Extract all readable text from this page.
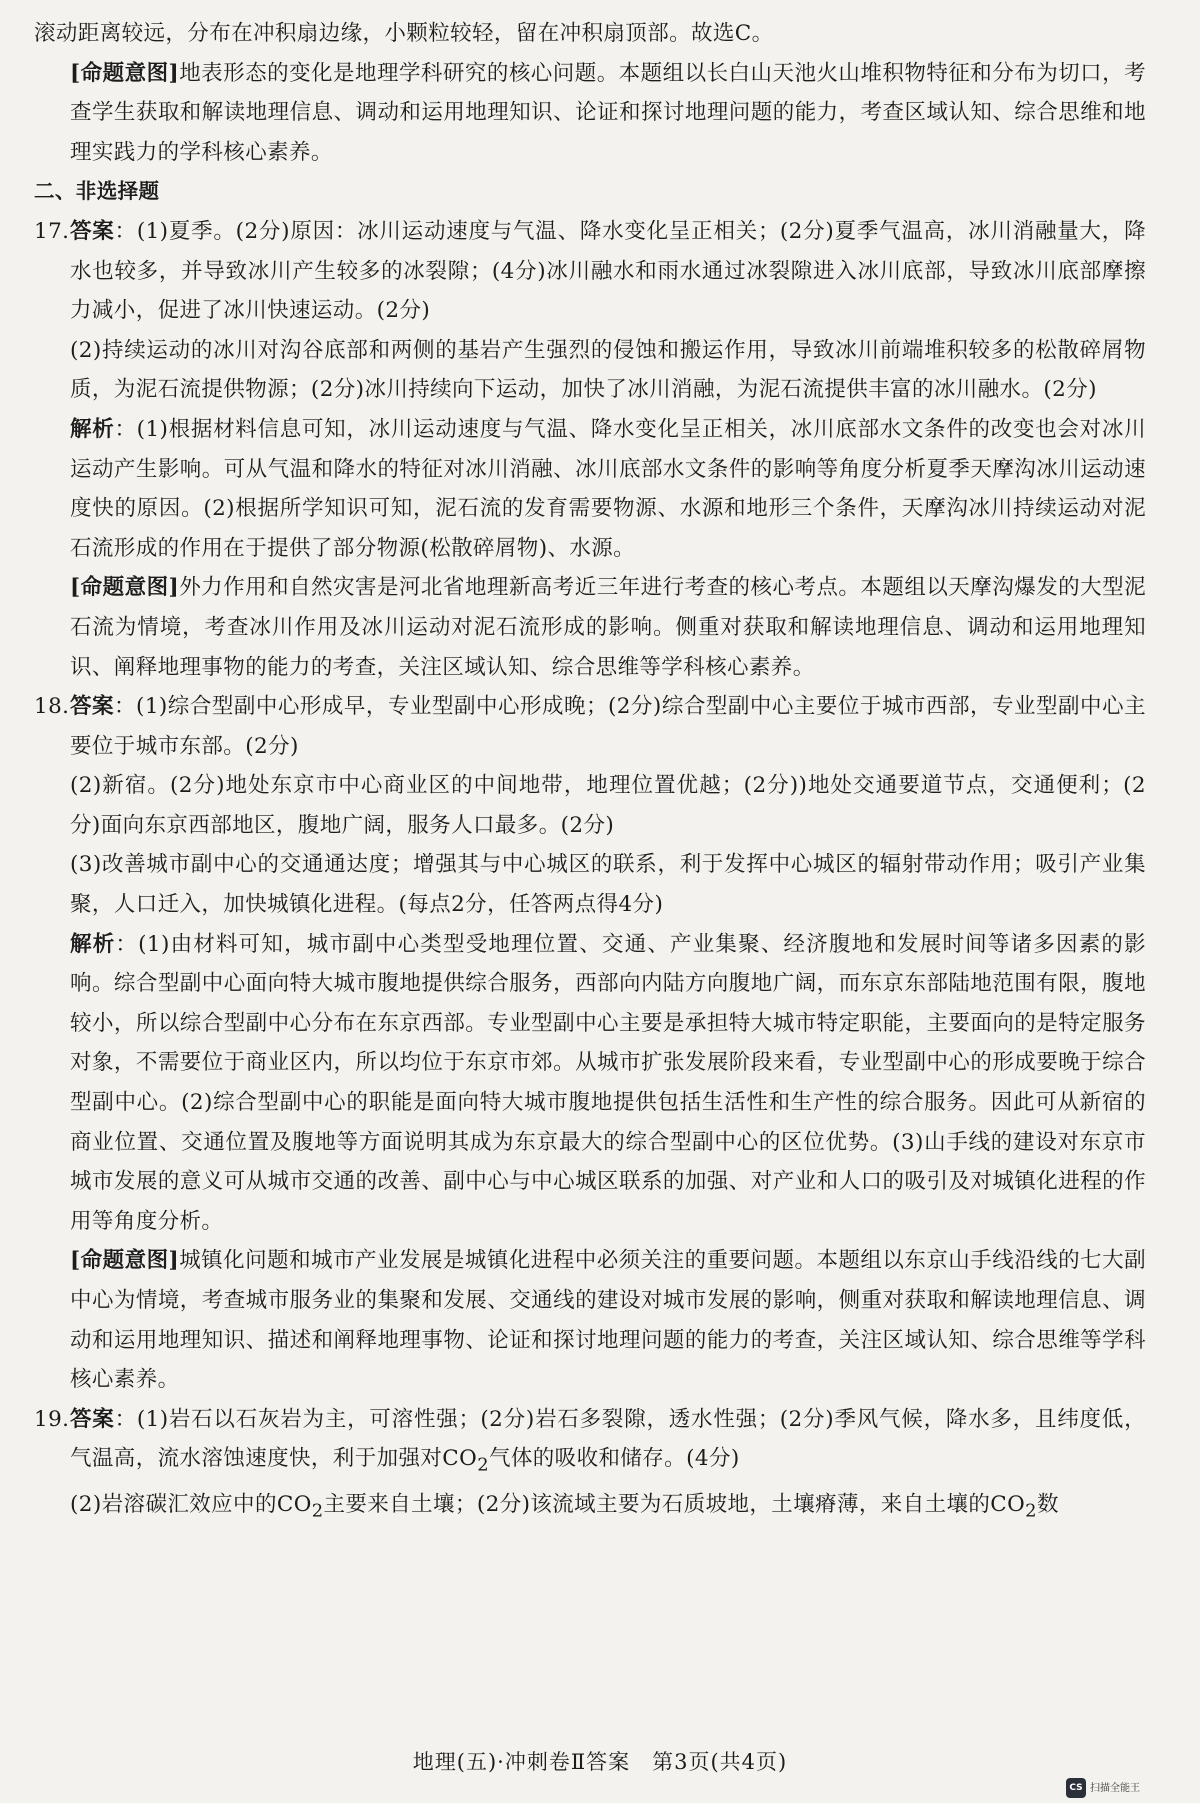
滚动距离较远，分布在冲积扇边缘，小颗粒较轻，留在冲积扇顶部。故选C。

[命题意图]地表形态的变化是地理学科研究的核心问题。本题组以长白山天池火山堆积物特征和分布为切口，考查学生获取和解读地理信息、调动和运用地理知识、论证和探讨地理问题的能力，考查区域认知、综合思维和地理实践力的学科核心素养。

二、非选择题

17. 答案：(1)夏季。(2分)原因：冰川运动速度与气温、降水变化呈正相关；(2分)夏季气温高，冰川消融量大，降水也较多，并导致冰川产生较多的冰裂隙；(4分)冰川融水和雨水通过冰裂隙进入冰川底部，导致冰川底部摩擦力减小，促进了冰川快速运动。(2分)

(2)持续运动的冰川对沟谷底部和两侧的基岩产生强烈的侵蚀和搬运作用，导致冰川前端堆积较多的松散碎屑物质，为泥石流提供物源；(2分)冰川持续向下运动，加快了冰川消融，为泥石流提供丰富的冰川融水。(2分)

解析：(1)根据材料信息可知，冰川运动速度与气温、降水变化呈正相关，冰川底部水文条件的改变也会对冰川运动产生影响。可从气温和降水的特征对冰川消融、冰川底部水文条件的影响等角度分析夏季天摩沟冰川运动速度快的原因。(2)根据所学知识可知，泥石流的发育需要物源、水源和地形三个条件，天摩沟冰川持续运动对泥石流形成的作用在于提供了部分物源(松散碎屑物)、水源。

[命题意图]外力作用和自然灾害是河北省地理新高考近三年进行考查的核心考点。本题组以天摩沟爆发的大型泥石流为情境，考查冰川作用及冰川运动对泥石流形成的影响。侧重对获取和解读地理信息、调动和运用地理知识、阐释地理事物的能力的考查，关注区域认知、综合思维等学科核心素养。

18. 答案：(1)综合型副中心形成早，专业型副中心形成晚；(2分)综合型副中心主要位于城市西部，专业型副中心主要位于城市东部。(2分)

(2)新宿。(2分)地处东京市中心商业区的中间地带，地理位置优越；(2分))地处交通要道节点，交通便利；(2分)面向东京西部地区，腹地广阔，服务人口最多。(2分)

(3)改善城市副中心的交通通达度；增强其与中心城区的联系，利于发挥中心城区的辐射带动作用；吸引产业集聚，人口迁入，加快城镇化进程。(每点2分，任答两点得4分)

解析：(1)由材料可知，城市副中心类型受地理位置、交通、产业集聚、经济腹地和发展时间等诸多因素的影响。综合型副中心面向特大城市腹地提供综合服务，西部向内陆方向腹地广阔，而东京东部陆地范围有限，腹地较小，所以综合型副中心分布在东京西部。专业型副中心主要是承担特大城市特定职能，主要面向的是特定服务对象，不需要位于商业区内，所以均位于东京市郊。从城市扩张发展阶段来看，专业型副中心的形成要晚于综合型副中心。(2)综合型副中心的职能是面向特大城市腹地提供包括生活性和生产性的综合服务。因此可从新宿的商业位置、交通位置及腹地等方面说明其成为东京最大的综合型副中心的区位优势。(3)山手线的建设对东京市城市发展的意义可从城市交通的改善、副中心与中心城区联系的加强、对产业和人口的吸引及对城镇化进程的作用等角度分析。

[命题意图]城镇化问题和城市产业发展是城镇化进程中必须关注的重要问题。本题组以东京山手线沿线的七大副中心为情境，考查城市服务业的集聚和发展、交通线的建设对城市发展的影响，侧重对获取和解读地理信息、调动和运用地理知识、描述和阐释地理事物、论证和探讨地理问题的能力的考查，关注区域认知、综合思维等学科核心素养。

19. 答案：(1)岩石以石灰岩为主，可溶性强；(2分)岩石多裂隙，透水性强；(2分)季风气候，降水多，且纬度低，气温高，流水溶蚀速度快，利于加强对$CO_2$气体的吸收和储存。(4分)

(2)岩溶碳汇效应中的$CO_2$主要来自土壤；(2分)该流域主要为石质坡地，土壤瘠薄，来自土壤的$CO_2$数

地理(五)·冲刺卷Ⅱ答案　第3页(共4页)
CS 扫描全能王
